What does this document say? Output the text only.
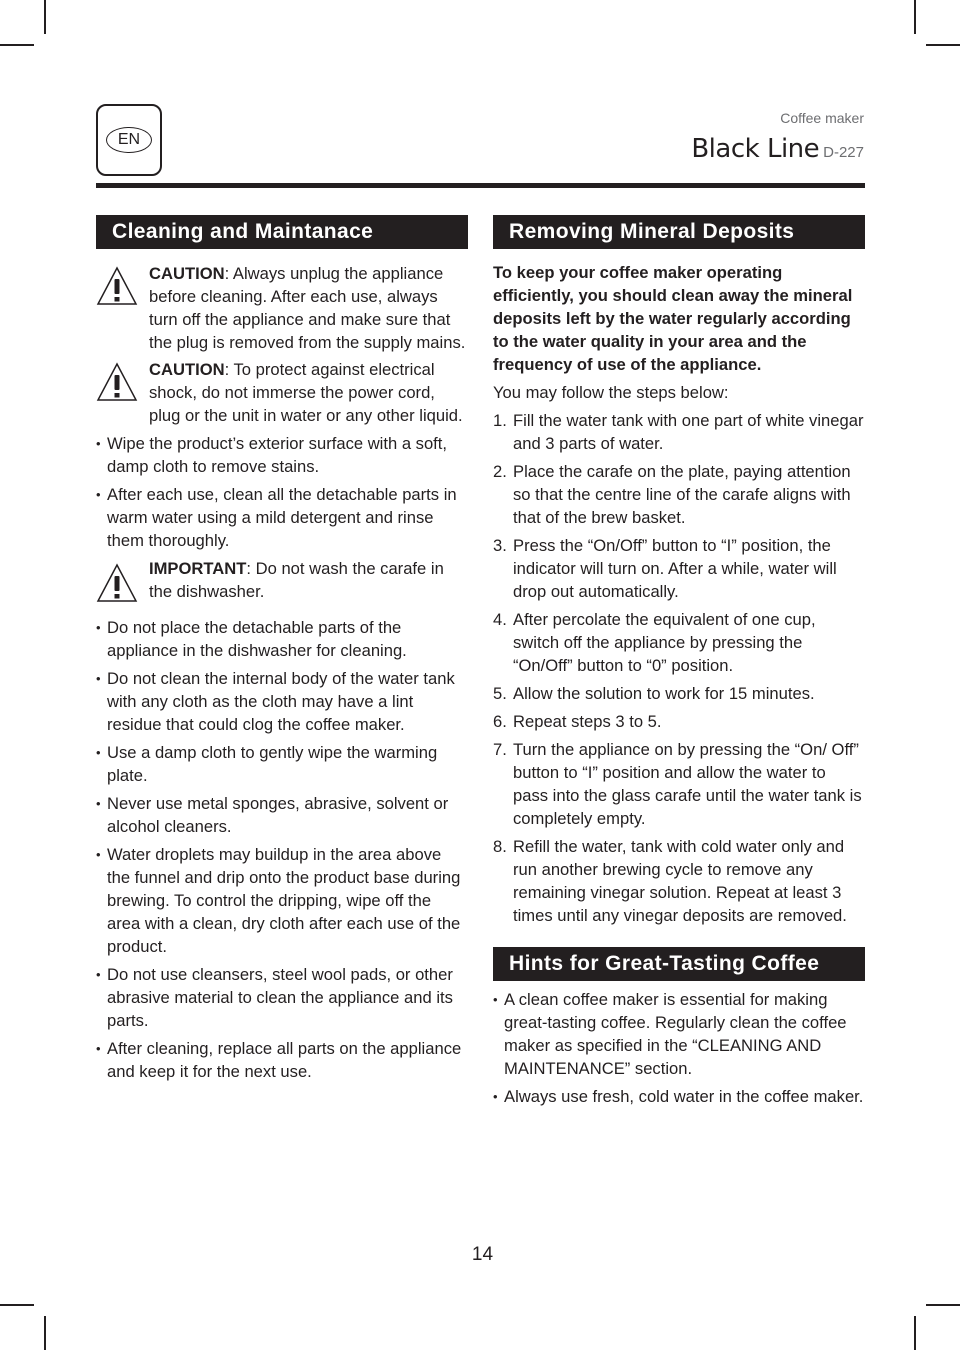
EN
Coffee maker
Black Line D-227
Cleaning and Maintanace
CAUTION: Always unplug the appliance before cleaning. After each use, always turn off the appliance and make sure that the plug is removed from the supply mains.
CAUTION: To protect against electrical shock, do not immerse the power cord, plug or the unit in water or any other liquid.
• Wipe the product’s exterior surface with a soft, damp cloth to remove stains.
• After each use, clean all the detachable parts in warm water using a mild detergent and rinse them thoroughly.
IMPORTANT: Do not wash the carafe in the dishwasher.
• Do not place the detachable parts of the appliance in the dishwasher for cleaning.
• Do not clean the internal body of the water tank with any cloth as the cloth may have a lint residue that could clog the coffee maker.
• Use a damp cloth to gently wipe the warming plate.
• Never use metal sponges, abrasive, solvent or alcohol cleaners.
• Water droplets may buildup in the area above the funnel and drip onto the product base during brewing. To control the dripping, wipe off the area with a clean, dry cloth after each use of the product.
• Do not use cleansers, steel wool pads, or other abrasive material to clean the appliance and its parts.
• After cleaning, replace all parts on the appliance and keep it for the next use.
Removing Mineral Deposits
To keep your coffee maker operating efficiently, you should clean away the mineral deposits left by the water regularly according to the water quality in your area and the frequency of use of the appliance.
You may follow the steps below:
1. Fill the water tank with one part of white vinegar and 3 parts of water.
2. Place the carafe on the plate, paying attention so that the centre line of the carafe aligns with that of the brew basket.
3. Press the “On/Off” button to “I” position, the indicator will turn on. After a while, water will drop out automatically.
4. After percolate the equivalent of one cup, switch off the appliance by pressing the “On/Off” button to “0” position.
5. Allow the solution to work for 15 minutes.
6. Repeat steps 3 to 5.
7. Turn the appliance on by pressing the “On/ Off” button to “I” position and allow the water to pass into the glass carafe until the water tank is completely empty.
8. Refill the water, tank with cold water only and run another brewing cycle to remove any remaining vinegar solution. Repeat at least 3 times until any vinegar deposits are removed.
Hints for Great-Tasting Coffee
• A clean coffee maker is essential for making great-tasting coffee. Regularly clean the coffee maker as specified in the “CLEANING AND MAINTENANCE” section.
• Always use fresh, cold water in the coffee maker.
14
